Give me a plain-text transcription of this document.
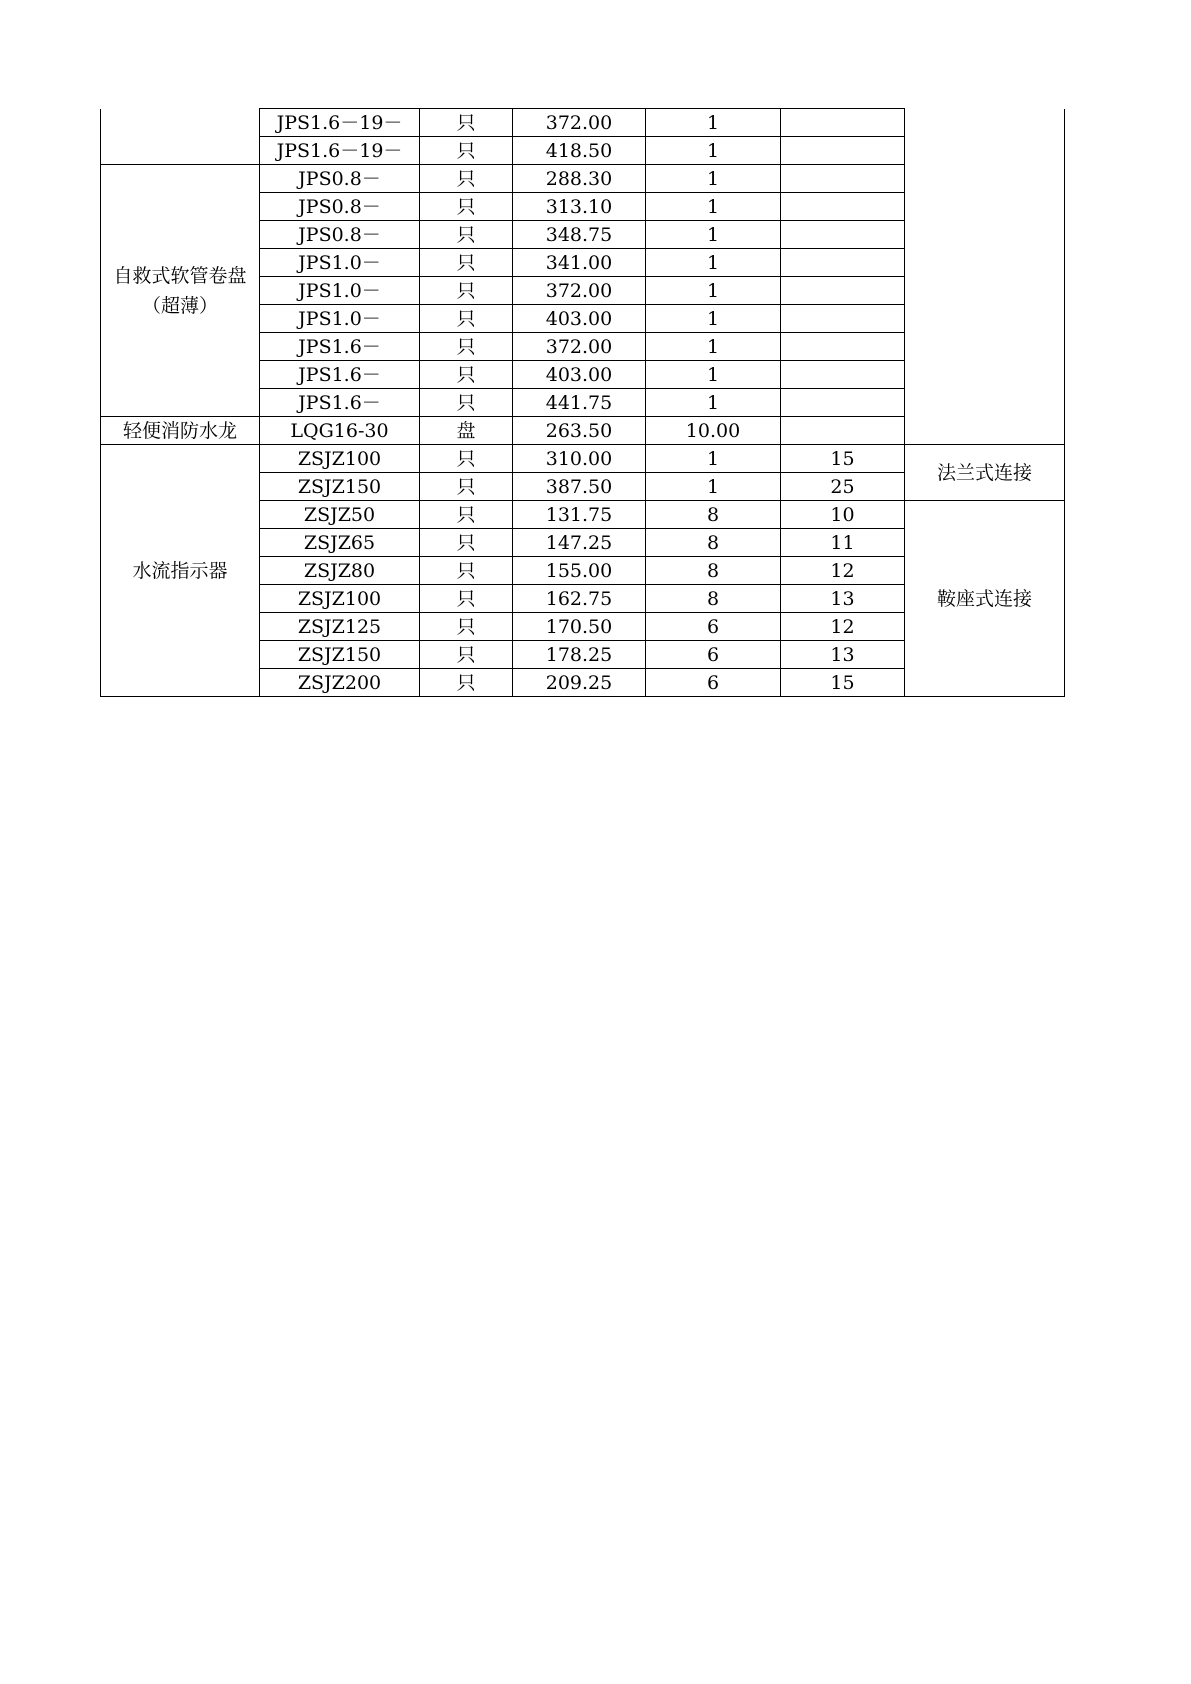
	JPS1.6－19－	只	372.00	1		
	JPS1.6－19－	只	418.50	1		
自救式软管卷盘（超薄）	JPS0.8－	只	288.30	1		
	JPS0.8－	只	313.10	1		
	JPS0.8－	只	348.75	1		
	JPS1.0－	只	341.00	1		
	JPS1.0－	只	372.00	1		
	JPS1.0－	只	403.00	1		
	JPS1.6－	只	372.00	1		
	JPS1.6－	只	403.00	1		
	JPS1.6－	只	441.75	1		
轻便消防水龙	LQG16-30	盘	263.50	10.00		
水流指示器	ZSJZ100	只	310.00	1	15	法兰式连接
	ZSJZ150	只	387.50	1	25	
	ZSJZ50	只	131.75	8	10	鞍座式连接
	ZSJZ65	只	147.25	8	11	
	ZSJZ80	只	155.00	8	12	
	ZSJZ100	只	162.75	8	13	
	ZSJZ125	只	170.50	6	12	
	ZSJZ150	只	178.25	6	13	
	ZSJZ200	只	209.25	6	15	
